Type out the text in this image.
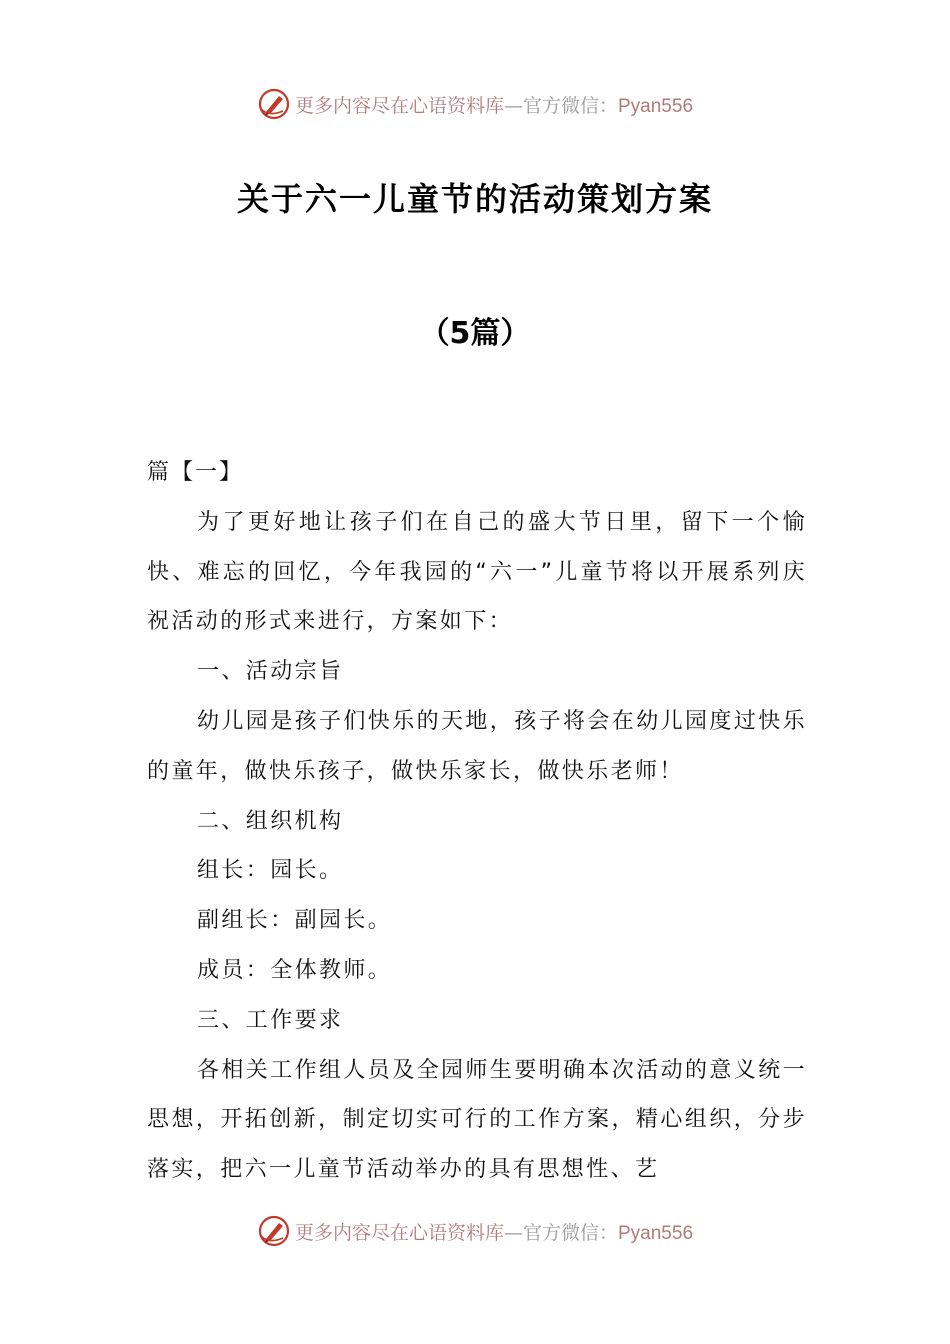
更多内容尽在心语资料库—官方微信：Pyan556
关于六一儿童节的活动策划方案
（5篇）

篇【一】

为了更好地让孩子们在自己的盛大节日里，留下一个愉快、难忘的回忆，今年我园的“六一”儿童节将以开展系列庆祝活动的形式来进行，方案如下：

一、活动宗旨

幼儿园是孩子们快乐的天地，孩子将会在幼儿园度过快乐的童年，做快乐孩子，做快乐家长，做快乐老师！

二、组织机构

组长：园长。

副组长：副园长。

成员：全体教师。

三、工作要求

各相关工作组人员及全园师生要明确本次活动的意义统一思想，开拓创新，制定切实可行的工作方案，精心组织，分步落实，把六一儿童节活动举办的具有思想性、艺

更多内容尽在心语资料库—官方微信：Pyan556
